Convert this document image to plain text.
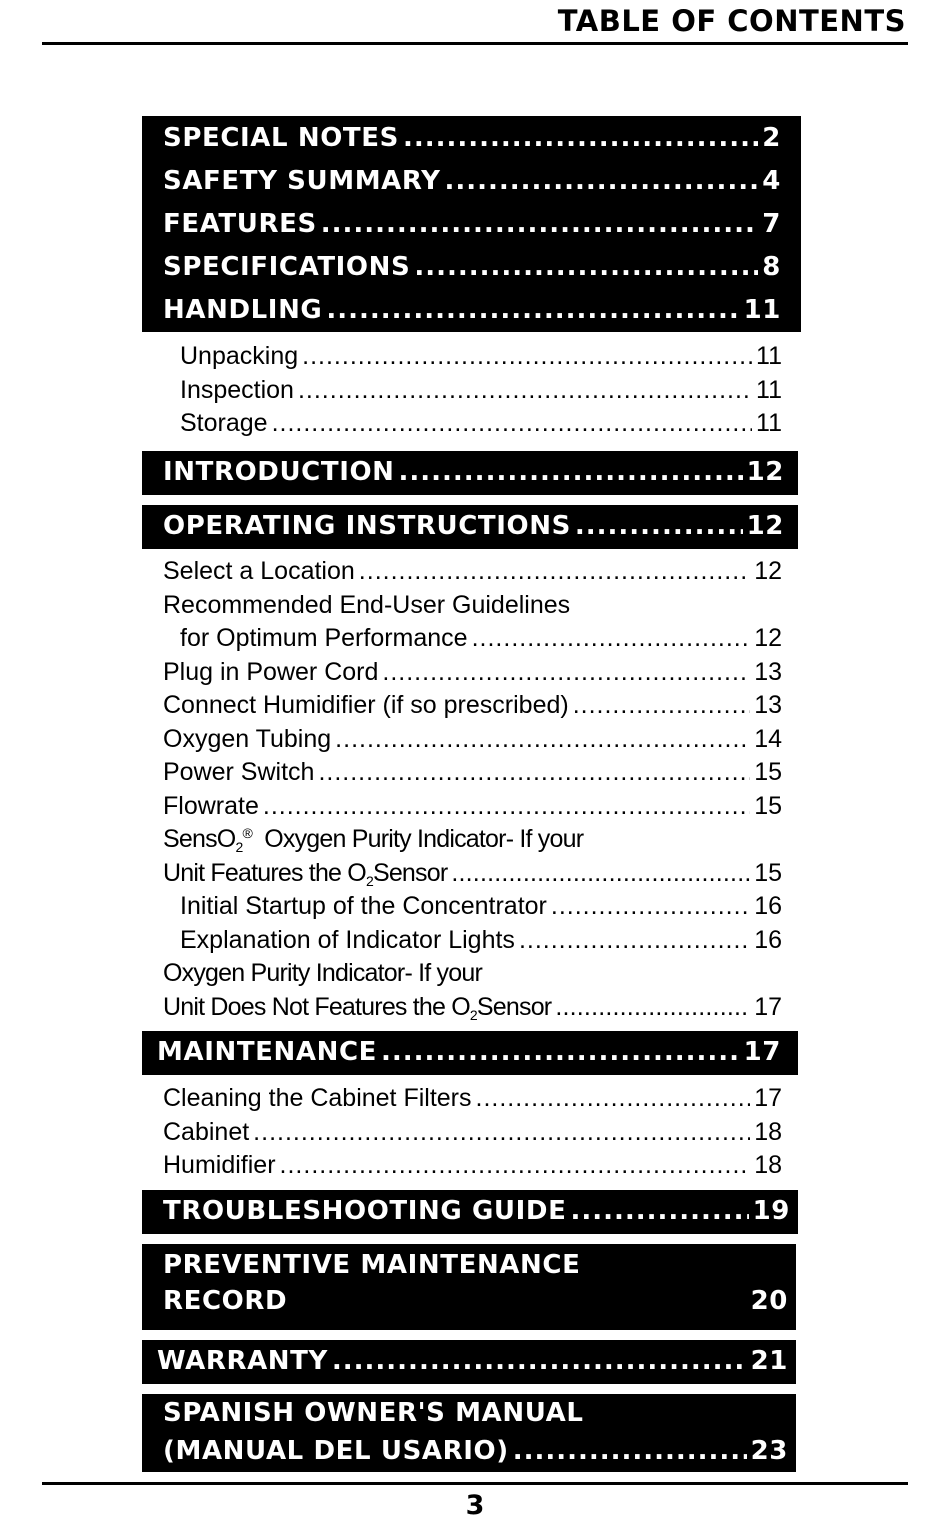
TABLE OF CONTENTS
SPECIAL NOTES .....	2
SAFETY SUMMARY .....	4
FEATURES .....	7
SPECIFICATIONS .....	8
HANDLING .....	11
Unpacking .....	11
Inspection .....	11
Storage .....	11
INTRODUCTION .....	12
OPERATING INSTRUCTIONS .....	12
Select a Location .....	12
Recommended End-User Guidelines
for Optimum Performance .....	12
Plug in Power Cord .....	13
Connect Humidifier (if so prescribed) .....	13
Oxygen Tubing .....	14
Power Switch .....	15
Flowrate .....	15
SensO$_2$® Oxygen Purity Indicator- If your
Unit Features the $O_2Sensor$ .....	15
Initial Startup of the Concentrator .....	16
Explanation of Indicator Lights .....	16
Oxygen Purity Indicator- If your
Unit Does Not Features the $O_2Sensor$ .....	17
MAINTENANCE .....	17
Cleaning the Cabinet Filters .....	17
Cabinet .....	18
Humidifier .....	18
TROUBLESHOOTING GUIDE .....	19
PREVENTIVE MAINTENANCE
RECORD	20
WARRANTY .....	21
SPANISH OWNER'S MANUAL
(MANUAL DEL USARIO) .....	23
3
